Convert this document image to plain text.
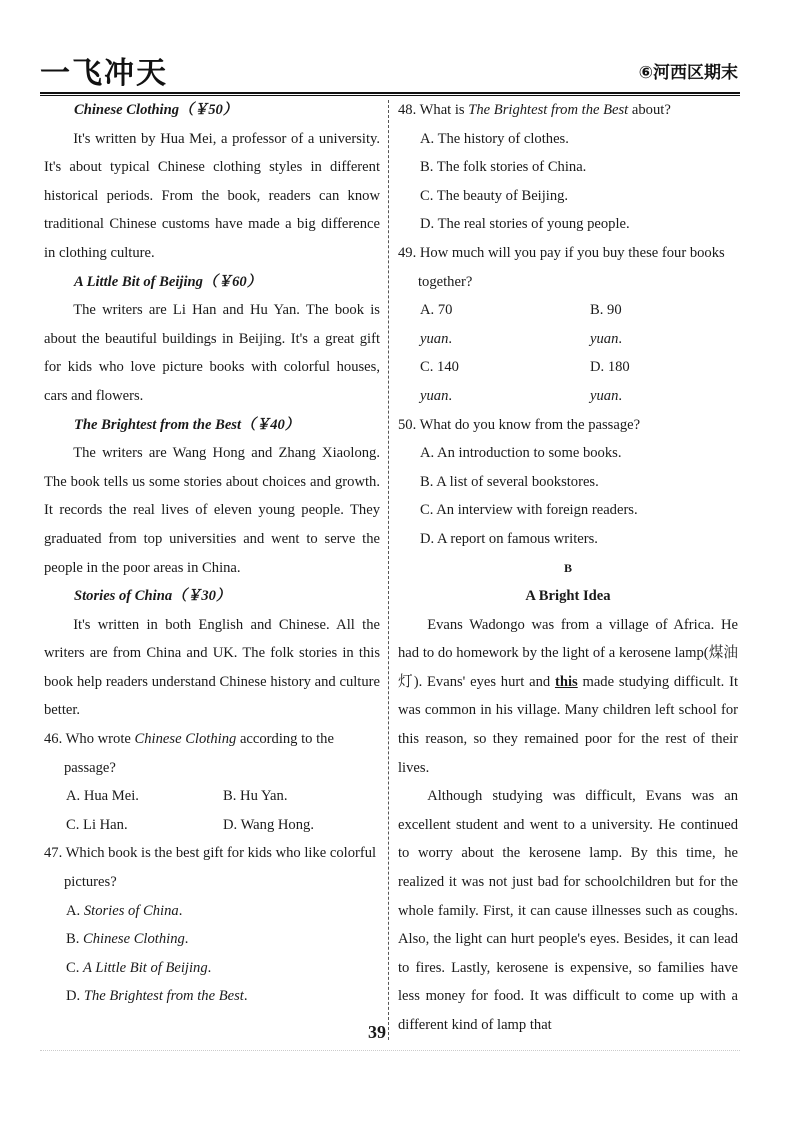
一飞冲天	⑥河西区期末

Chinese Clothing（￥50）

It's written by Hua Mei, a professor of a university. It's about typical Chinese clothing styles in different historical periods. From the book, readers can know traditional Chinese customs have made a big difference in clothing culture.

A Little Bit of Beijing（￥60）

The writers are Li Han and Hu Yan. The book is about the beautiful buildings in Beijing. It's a great gift for kids who love picture books with colorful houses, cars and flowers.

The Brightest from the Best（￥40）

The writers are Wang Hong and Zhang Xiaolong. The book tells us some stories about choices and growth. It records the real lives of eleven young people. They graduated from top universities and went to serve the people in the poor areas in China.

Stories of China（￥30）

It's written in both English and Chinese. All the writers are from China and UK. The folk stories in this book help readers understand Chinese history and culture better.

46. Who wrote Chinese Clothing according to the passage?

A. Hua Mei.	B. Hu Yan.
C. Li Han.	D. Wang Hong.

47. Which book is the best gift for kids who like colorful pictures?

A. Stories of China.

B. Chinese Clothing.

C. A Little Bit of Beijing.

D. The Brightest from the Best.

48. What is The Brightest from the Best about?

A. The history of clothes.

B. The folk stories of China.

C. The beauty of Beijing.

D. The real stories of young people.

49. How much will you pay if you buy these four books together?

A. 70
yuan.
B. 90
yuan.
C. 140
yuan.
D. 180
yuan.

50. What do you know from the passage?

A. An introduction to some books.

B. A list of several bookstores.

C. An interview with foreign readers.

D. A report on famous writers.

B

A Bright Idea

Evans Wadongo was from a village of Africa. He had to do homework by the light of a kerosene lamp(煤油灯). Evans' eyes hurt and this made studying difficult. It was common in his village. Many children left school for this reason, so they remained poor for the rest of their lives.

Although studying was difficult, Evans was an excellent student and went to a university. He continued to worry about the kerosene lamp. By this time, he realized it was not just bad for schoolchildren but for the whole family. First, it can cause illnesses such as coughs. Also, the light can hurt people's eyes. Besides, it can lead to fires. Lastly, kerosene is expensive, so families have less money for food. It was difficult to come up with a different kind of lamp that

39
